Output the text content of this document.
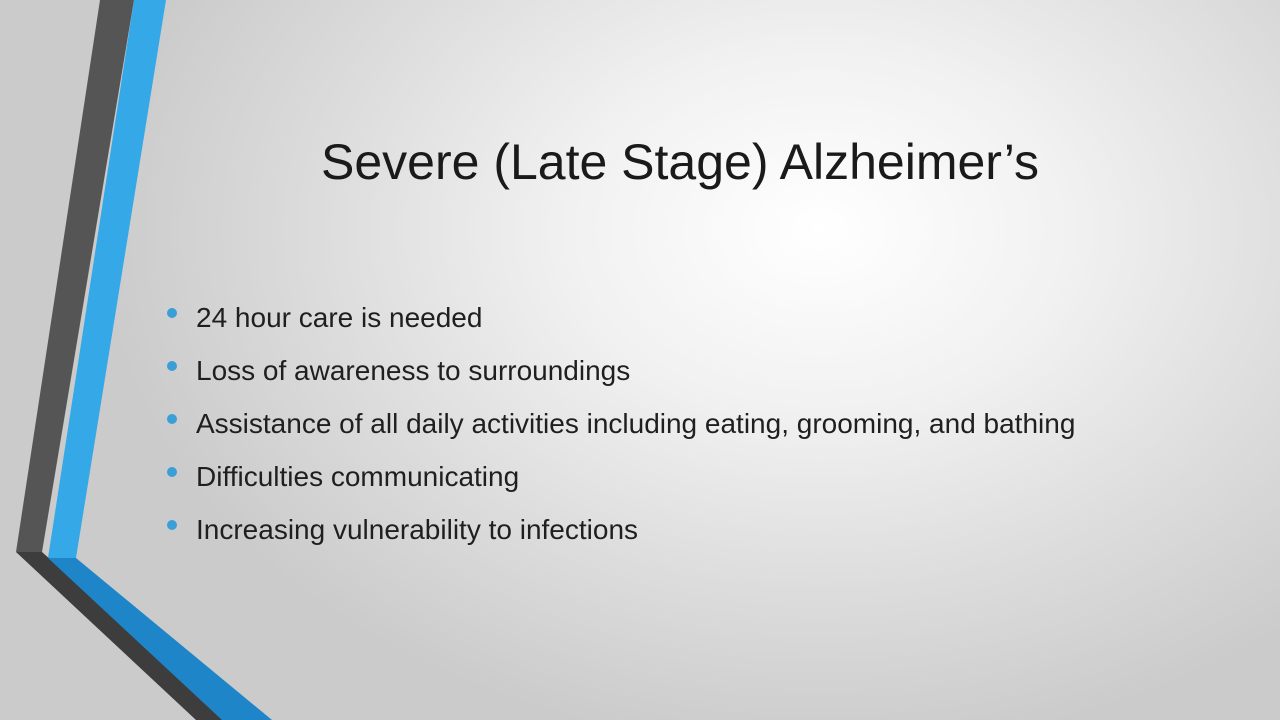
Severe (Late Stage) Alzheimer’s
24 hour care is needed
Loss of awareness to surroundings
Assistance of all daily activities including eating, grooming, and bathing
Difficulties communicating
Increasing vulnerability to infections
